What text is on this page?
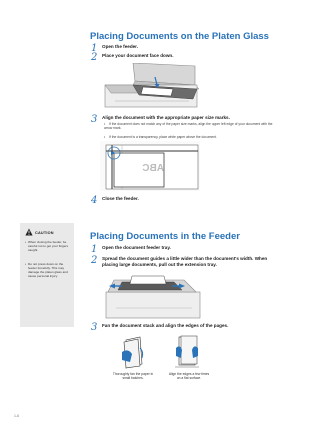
Placing Documents on the Platen Glass
1 Open the feeder.
2 Place your document face down.
3 Align the document with the appropriate paper size marks.
• If the document does not match any of the paper size marks, align the upper left edge of your document with the arrow mark.
• If the document is a transparency, place white paper above the document.
ABC
CAUTION
• When closing the feeder, be careful not to get your fingers caught.
• Do not press down on the feeder forcefully. This may damage the platen glass and cause personal injury.
4 Close the feeder.
Placing Documents in the Feeder
1 Open the document feeder tray.
2 Spread the document guides a little wider than the document's width. When placing large documents, pull out the extension tray.
3 Fan the document stack and align the edges of the pages.
Thoroughly fan the paper in small batches.
Align the edges a few times on a flat surface.
1-6
